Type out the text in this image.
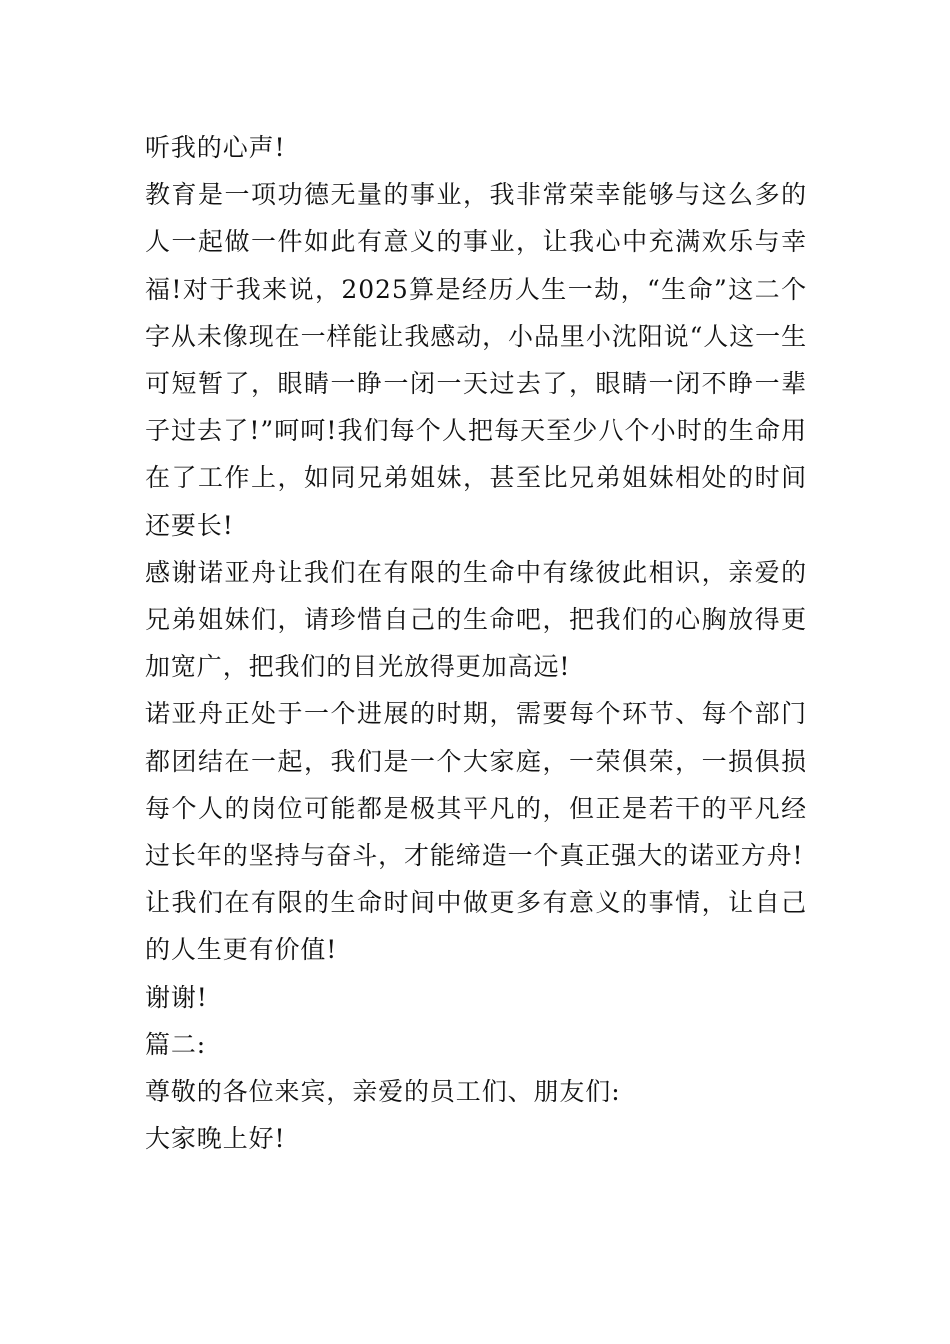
听我的心声!

教育是一项功德无量的事业，我非常荣幸能够与这么多的人一起做一件如此有意义的事业，让我心中充满欢乐与幸福!对于我来说，2025算是经历人生一劫，“生命”这二个字从未像现在一样能让我感动，小品里小沈阳说“人这一生可短暂了，眼睛一睁一闭一天过去了，眼睛一闭不睁一辈子过去了!”呵呵!我们每个人把每天至少八个小时的生命用在了工作上，如同兄弟姐妹，甚至比兄弟姐妹相处的时间还要长!

感谢诺亚舟让我们在有限的生命中有缘彼此相识，亲爱的兄弟姐妹们，请珍惜自己的生命吧，把我们的心胸放得更加宽广，把我们的目光放得更加高远!

诺亚舟正处于一个进展的时期，需要每个环节、每个部门都团结在一起，我们是一个大家庭，一荣俱荣，一损俱损每个人的岗位可能都是极其平凡的，但正是若干的平凡经过长年的坚持与奋斗，才能缔造一个真正强大的诺亚方舟!

让我们在有限的生命时间中做更多有意义的事情，让自己的人生更有价值!

谢谢!

篇二:

尊敬的各位来宾，亲爱的员工们、朋友们:

大家晚上好!
